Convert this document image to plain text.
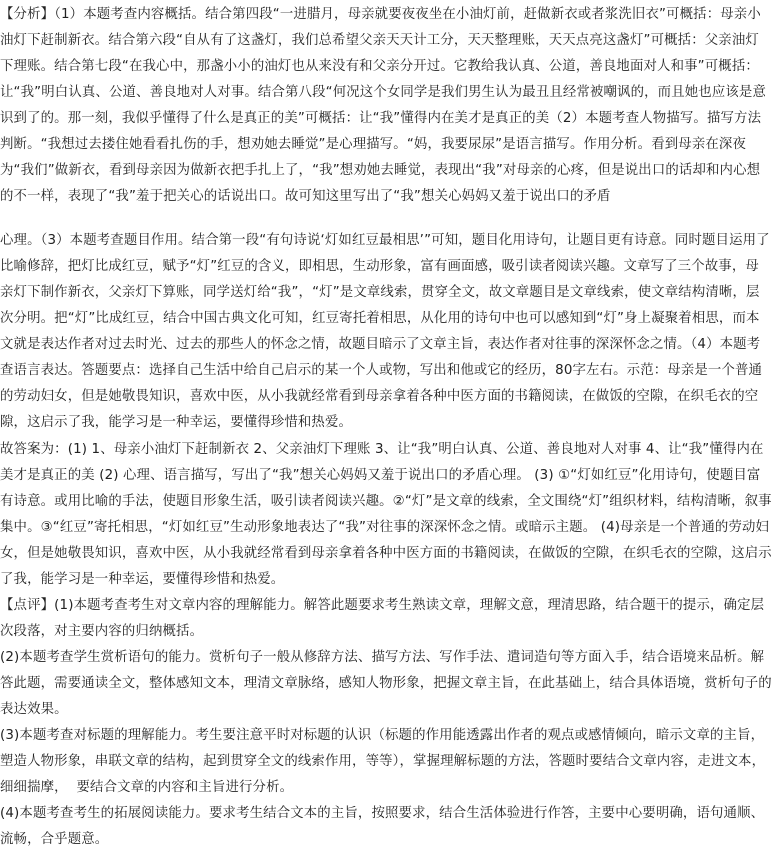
【分析】（1）本题考查内容概括。结合第四段“一进腊月，母亲就要夜夜坐在小油灯前，赶做新衣或者浆洗旧衣”可概括：母亲小油灯下赶制新衣。结合第六段“自从有了这盏灯，我们总希望父亲天天计工分，天天整理账，天天点亮这盏灯”可概括：父亲油灯下理账。结合第七段“在我心中，那盏小小的油灯也从来没有和父亲分开过。它教给我认真、公道，善良地面对人和事”可概括：让“我”明白认真、公道、善良地对人对事。结合第八段“何况这个女同学是我们男生认为最丑且经常被嘲讽的，而且她也应该是意识到了的。那一刻，我似乎懂得了什么是真正的美”可概括：让“我”懂得内在美才是真正的美（2）本题考查人物描写。描写方法判断。“我想过去搂住她看看扎伤的手，想劝她去睡觉”是心理描写。“妈，我要尿尿”是语言描写。作用分析。看到母亲在深夜为“我们”做新衣，看到母亲因为做新衣把手扎上了，“我”想劝她去睡觉，表现出“我”对母亲的心疼，但是说出口的话却和内心想的不一样，表现了“我”羞于把关心的话说出口。故可知这里写出了“我”想关心妈妈又羞于说出口的矛盾
心理。（3）本题考查题目作用。结合第一段“有句诗说‘灯如红豆最相思’”可知，题目化用诗句，让题目更有诗意。同时题目运用了比喻修辞，把灯比成红豆，赋予“灯”红豆的含义，即相思，生动形象，富有画面感，吸引读者阅读兴趣。文章写了三个故事，母亲灯下制作新衣，父亲灯下算账，同学送灯给“我”，“灯”是文章线索，贯穿全文，故文章题目是文章线索，使文章结构清晰，层次分明。把“灯”比成红豆，结合中国古典文化可知，红豆寄托着相思，从化用的诗句中也可以感知到“灯”身上凝聚着相思，而本文就是表达作者对过去时光、过去的那些人的怀念之情，故题目暗示了文章主旨，表达作者对往事的深深怀念之情。（4）本题考查语言表达。答题要点：选择自己生活中给自己启示的某一个人或物，写出和他或它的经历，80字左右。示范：母亲是一个普通的劳动妇女，但是她敬畏知识，喜欢中医，从小我就经常看到母亲拿着各种中医方面的书籍阅读，在做饭的空隙，在织毛衣的空隙，这启示了我，能学习是一种幸运，要懂得珍惜和热爱。
故答案为：(1) 1、母亲小油灯下赶制新衣 2、父亲油灯下理账 3、让“我”明白认真、公道、善良地对人对事 4、让“我”懂得内在美才是真正的美 (2) 心理、语言描写，写出了“我”想关心妈妈又羞于说出口的矛盾心理。 (3) ①“灯如红豆”化用诗句，使题目富有诗意。或用比喻的手法，使题目形象生活，吸引读者阅读兴趣。②“灯”是文章的线索，全文围绕“灯”组织材料，结构清晰，叙事集中。③“红豆”寄托相思，“灯如红豆”生动形象地表达了“我”对往事的深深怀念之情。或暗示主题。 (4)母亲是一个普通的劳动妇女，但是她敬畏知识，喜欢中医，从小我就经常看到母亲拿着各种中医方面的书籍阅读，在做饭的空隙，在织毛衣的空隙，这启示了我，能学习是一种幸运，要懂得珍惜和热爱。
【点评】(1)本题考查考生对文章内容的理解能力。解答此题要求考生熟读文章，理解文意，理清思路，结合题干的提示，确定层次段落，对主要内容的归纳概括。
(2)本题考查学生赏析语句的能力。赏析句子一般从修辞方法、描写方法、写作手法、遣词造句等方面入手，结合语境来品析。解答此题，需要通读全文，整体感知文本，理清文章脉络，感知人物形象，把握文章主旨，在此基础上，结合具体语境，赏析句子的表达效果。
(3)本题考查对标题的理解能力。考生要注意平时对标题的认识（标题的作用能透露出作者的观点或感情倾向，暗示文章的主旨，塑造人物形象，串联文章的结构，起到贯穿全文的线索作用，等等），掌握理解标题的方法，答题时要结合文章内容，走进文本，细细揣摩，  要结合文章的内容和主旨进行分析。
(4)本题考查考生的拓展阅读能力。要求考生结合文本的主旨，按照要求，结合生活体验进行作答，主要中心要明确，语句通顺、流畅，合乎题意。
